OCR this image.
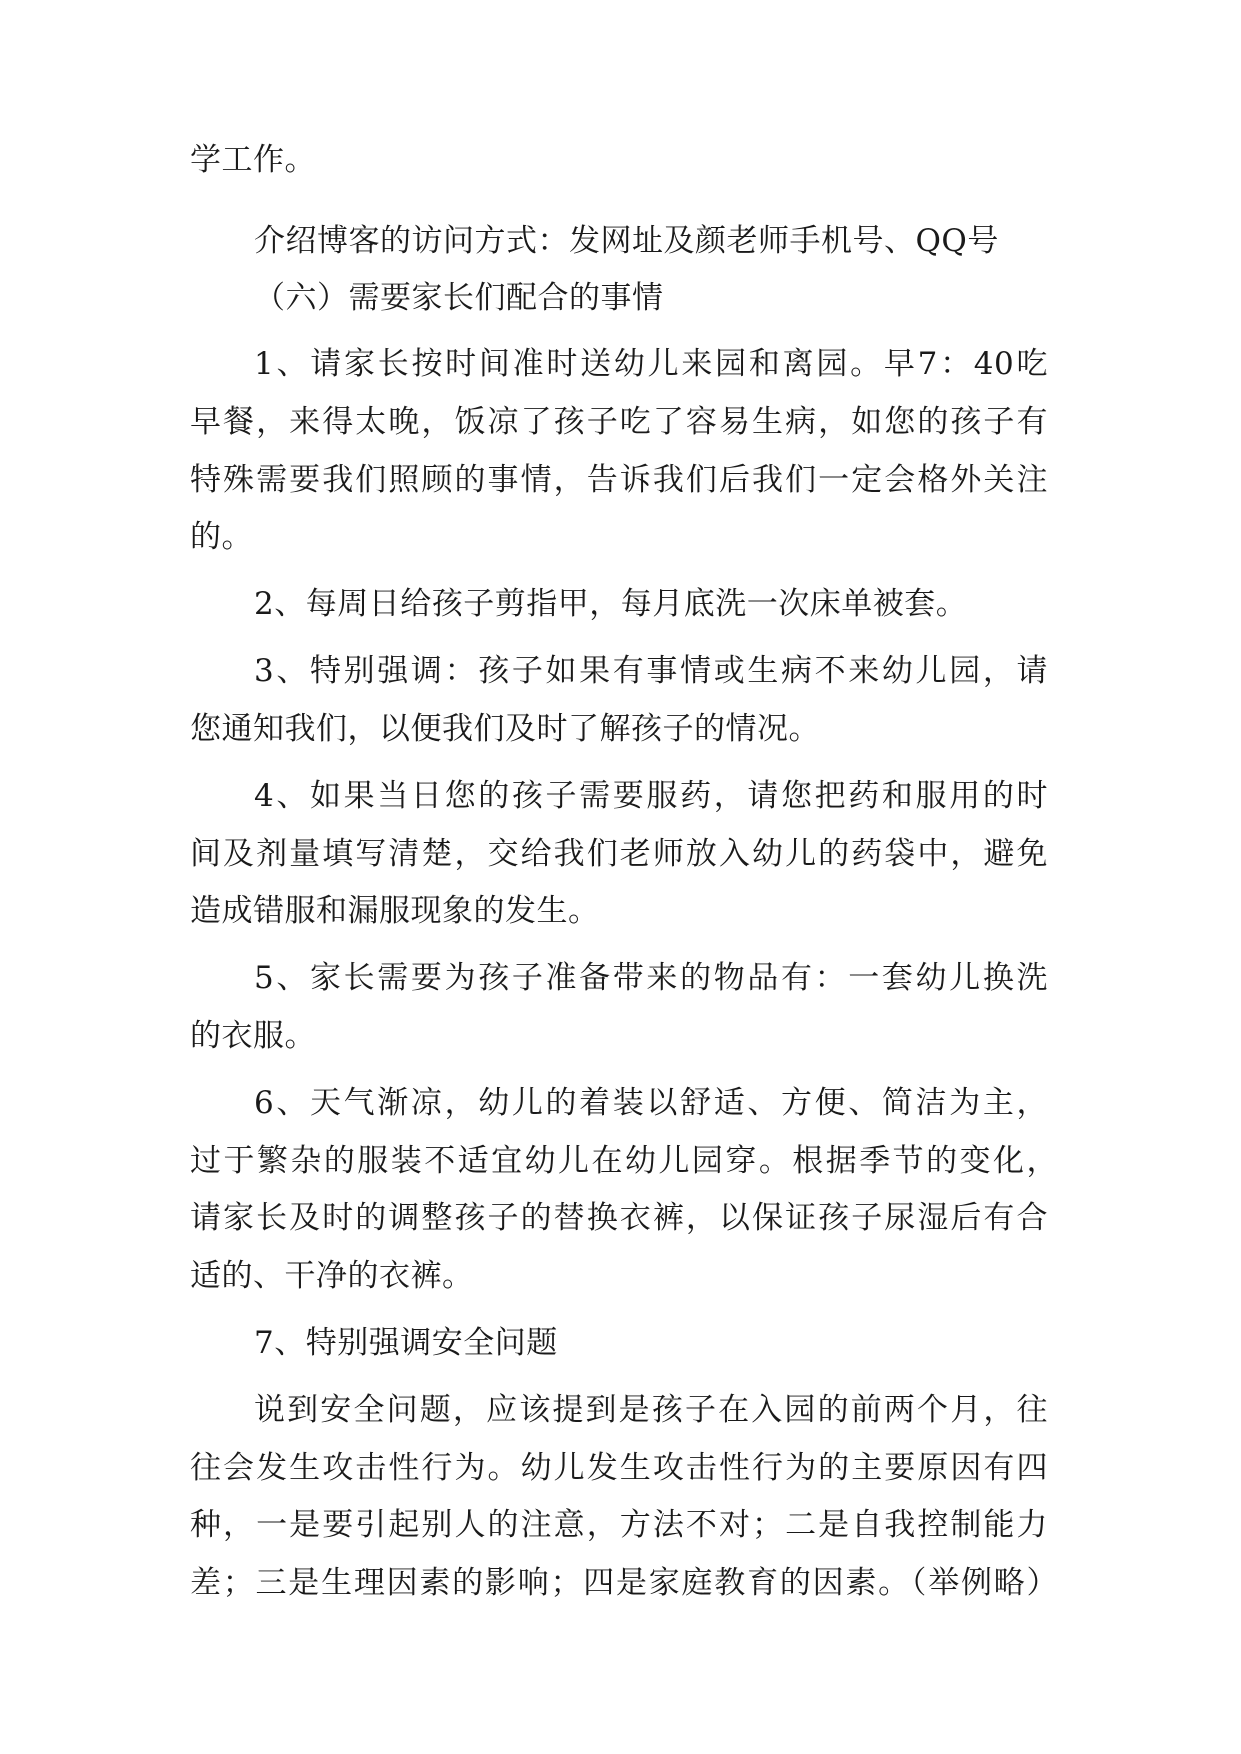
学工作。
介绍博客的访问方式：发网址及颜老师手机号、QQ号
（六）需要家长们配合的事情
1、请家长按时间准时送幼儿来园和离园。早7：40吃
早餐，来得太晚，饭凉了孩子吃了容易生病，如您的孩子有
特殊需要我们照顾的事情，告诉我们后我们一定会格外关注
的。
2、每周日给孩子剪指甲，每月底洗一次床单被套。
3、特别强调：孩子如果有事情或生病不来幼儿园，请
您通知我们，以便我们及时了解孩子的情况。
4、如果当日您的孩子需要服药，请您把药和服用的时
间及剂量填写清楚，交给我们老师放入幼儿的药袋中，避免
造成错服和漏服现象的发生。
5、家长需要为孩子准备带来的物品有：一套幼儿换洗
的衣服。
6、天气渐凉，幼儿的着装以舒适、方便、简洁为主，
过于繁杂的服装不适宜幼儿在幼儿园穿。根据季节的变化，
请家长及时的调整孩子的替换衣裤，以保证孩子尿湿后有合
适的、干净的衣裤。
7、特别强调安全问题
说到安全问题，应该提到是孩子在入园的前两个月，往
往会发生攻击性行为。幼儿发生攻击性行为的主要原因有四
种，一是要引起别人的注意，方法不对；二是自我控制能力
差；三是生理因素的影响；四是家庭教育的因素。（举例略）
